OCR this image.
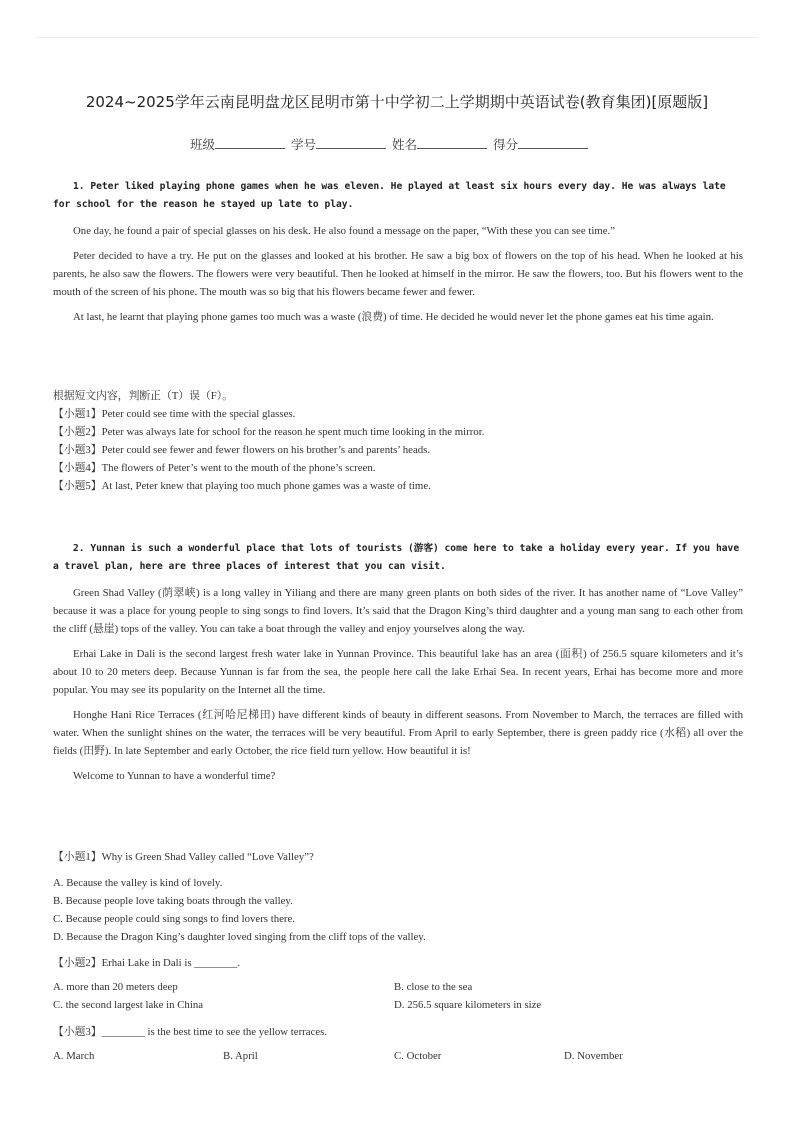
2024~2025学年云南昆明盘龙区昆明市第十中学初二上学期期中英语试卷(教育集团)[原题版]
班级	学号	姓名	得分

1. Peter liked playing phone games when he was eleven. He played at least six hours every day. He was always late for school for the reason he stayed up late to play.

One day, he found a pair of special glasses on his desk. He also found a message on the paper, “With these you can see time.”

Peter decided to have a try. He put on the glasses and looked at his brother. He saw a big box of flowers on the top of his head. When he looked at his parents, he also saw the flowers. The flowers were very beautiful. Then he looked at himself in the mirror. He saw the flowers, too. But his flowers went to the mouth of the screen of his phone. The mouth was so big that his flowers became fewer and fewer.

At last, he learnt that playing phone games too much was a waste (浪费) of time. He decided he would never let the phone games eat his time again.

根据短文内容，判断正（T）误（F）。

【小题1】Peter could see time with the special glasses.

【小题2】Peter was always late for school for the reason he spent much time looking in the mirror.

【小题3】Peter could see fewer and fewer flowers on his brother’s and parents’ heads.

【小题4】The flowers of Peter’s went to the mouth of the phone’s screen.

【小题5】At last, Peter knew that playing too much phone games was a waste of time.

2. Yunnan is such a wonderful place that lots of tourists (游客) come here to take a holiday every year. If you have a travel plan, here are three places of interest that you can visit.

Green Shad Valley (荫翠峡) is a long valley in Yiliang and there are many green plants on both sides of the river. It has another name of “Love Valley” because it was a place for young people to sing songs to find lovers. It’s said that the Dragon King’s third daughter and a young man sang to each other from the cliff (悬崖) tops of the valley. You can take a boat through the valley and enjoy yourselves along the way.

Erhai Lake in Dali is the second largest fresh water lake in Yunnan Province. This beautiful lake has an area (面积) of 256.5 square kilometers and it’s about 10 to 20 meters deep. Because Yunnan is far from the sea, the people here call the lake Erhai Sea. In recent years, Erhai has become more and more popular. You may see its popularity on the Internet all the time.

Honghe Hani Rice Terraces (红河哈尼梯田) have different kinds of beauty in different seasons. From November to March, the terraces are filled with water. When the sunlight shines on the water, the terraces will be very beautiful. From April to early September, there is green paddy rice (水稻) all over the fields (田野). In late September and early October, the rice field turn yellow. How beautiful it is!

Welcome to Yunnan to have a wonderful time?

【小题1】Why is Green Shad Valley called “Love Valley”?

A. Because the valley is kind of lovely.

B. Because people love taking boats through the valley.

C. Because people could sing songs to find lovers there.

D. Because the Dragon King’s daughter loved singing from the cliff tops of the valley.

【小题2】Erhai Lake in Dali is ________.

A. more than 20 meters deep	B. close to the sea
C. the second largest lake in China	D. 256.5 square kilometers in size

【小题3】________ is the best time to see the yellow terraces.

A. March	B. April	C. October	D. November
